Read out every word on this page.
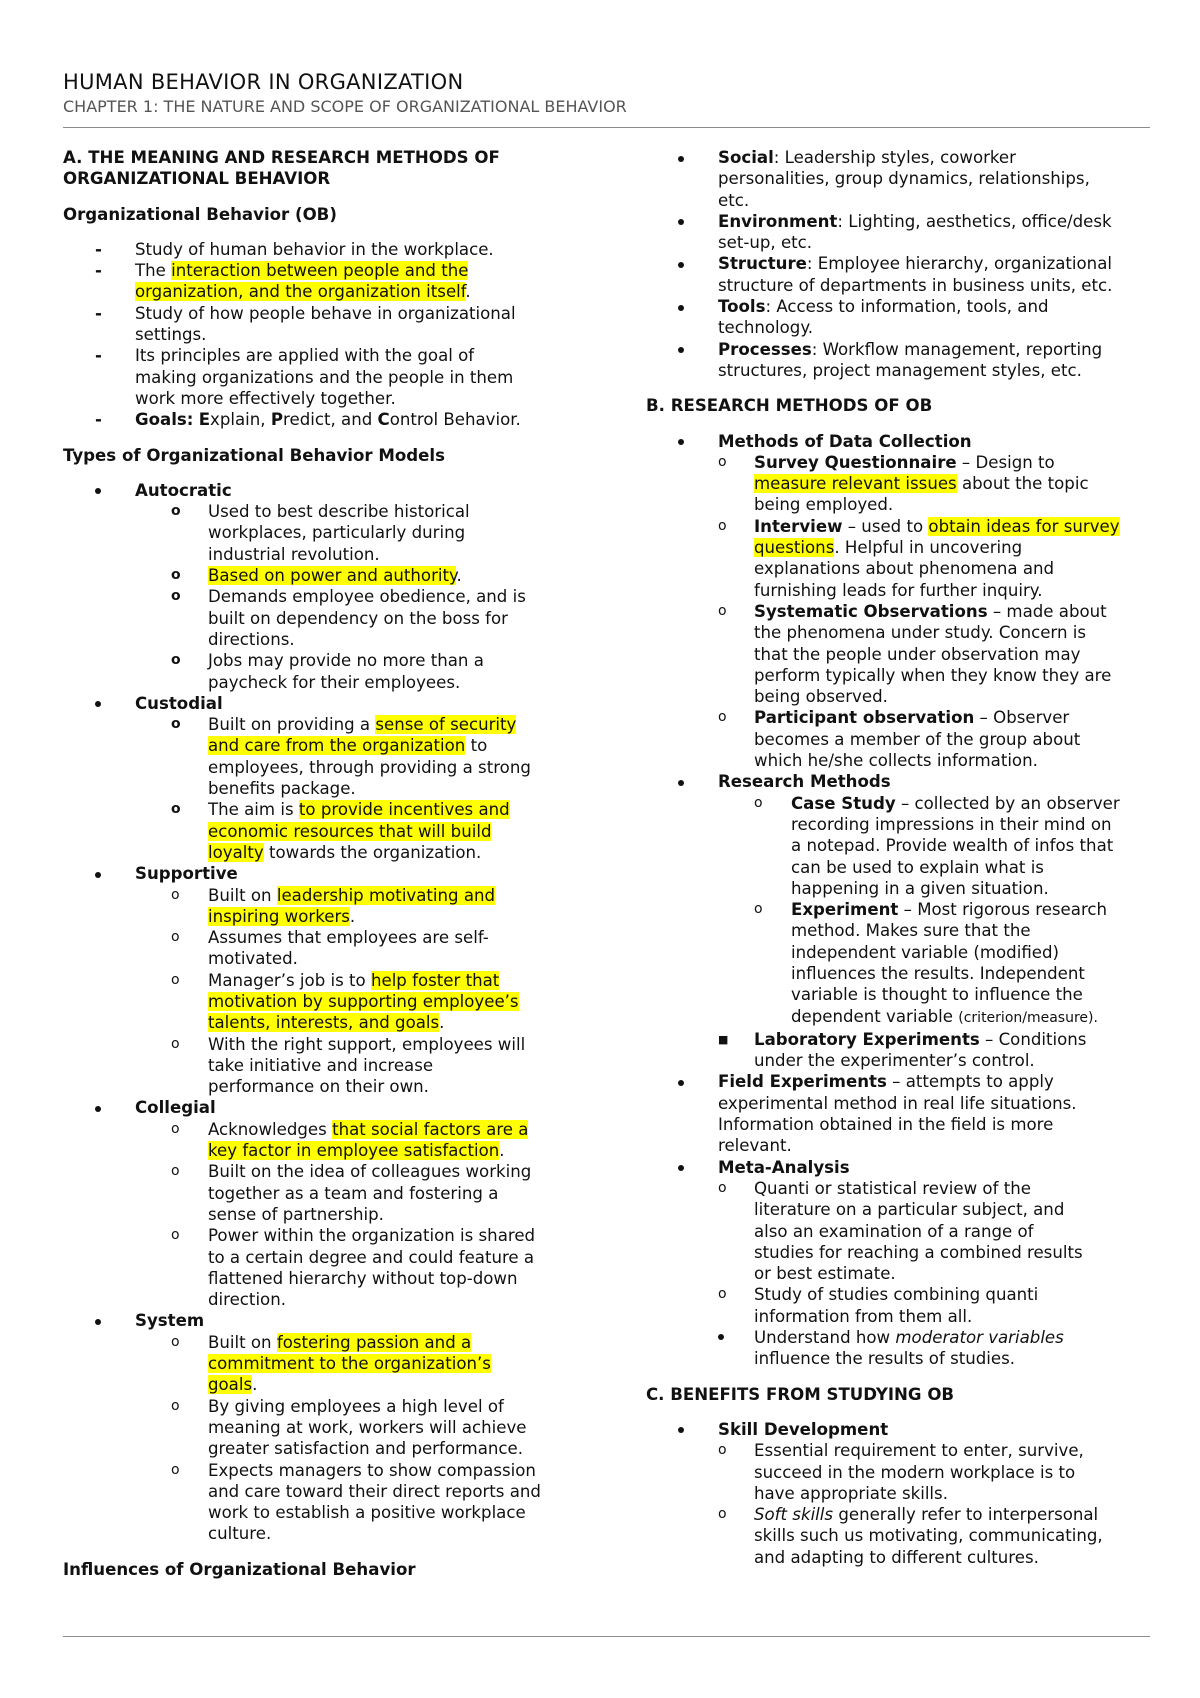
HUMAN BEHAVIOR IN ORGANIZATION
CHAPTER 1: THE NATURE AND SCOPE OF ORGANIZATIONAL BEHAVIOR
A. THE MEANING AND RESEARCH METHODS OF
ORGANIZATIONAL BEHAVIOR
Organizational Behavior (OB)
- Study of human behavior in the workplace.
- The interaction between people and the
organization, and the organization itself.
- Study of how people behave in organizational
settings.
- Its principles are applied with the goal of
making organizations and the people in them
work more effectively together.
- Goals: Explain, Predict, and Control Behavior.
Types of Organizational Behavior Models
Autocratic
o Used to best describe historical
workplaces, particularly during
industrial revolution.
o Based on power and authority.
o Demands employee obedience, and is
built on dependency on the boss for
directions.
o Jobs may provide no more than a
paycheck for their employees.
Custodial
o Built on providing a sense of security
and care from the organization to
employees, through providing a strong
benefits package.
o The aim is to provide incentives and
economic resources that will build
loyalty towards the organization.
Supportive
o Built on leadership motivating and
inspiring workers.
o Assumes that employees are self-
motivated.
o Manager’s job is to help foster that
motivation by supporting employee’s
talents, interests, and goals.
o With the right support, employees will
take initiative and increase
performance on their own.
Collegial
o Acknowledges that social factors are a
key factor in employee satisfaction.
o Built on the idea of colleagues working
together as a team and fostering a
sense of partnership.
o Power within the organization is shared
to a certain degree and could feature a
flattened hierarchy without top-down
direction.
System
o Built on fostering passion and a
commitment to the organization’s
goals.
o By giving employees a high level of
meaning at work, workers will achieve
greater satisfaction and performance.
o Expects managers to show compassion
and care toward their direct reports and
work to establish a positive workplace
culture.
Influences of Organizational Behavior
Social: Leadership styles, coworker
personalities, group dynamics, relationships,
etc.
Environment: Lighting, aesthetics, office/desk
set-up, etc.
Structure: Employee hierarchy, organizational
structure of departments in business units, etc.
Tools: Access to information, tools, and
technology.
Processes: Workflow management, reporting
structures, project management styles, etc.
B. RESEARCH METHODS OF OB
Methods of Data Collection
o Survey Questionnaire – Design to
measure relevant issues about the topic
being employed.
o Interview – used to obtain ideas for survey
questions. Helpful in uncovering
explanations about phenomena and
furnishing leads for further inquiry.
o Systematic Observations – made about
the phenomena under study. Concern is
that the people under observation may
perform typically when they know they are
being observed.
o Participant observation – Observer
becomes a member of the group about
which he/she collects information.
Research Methods
o Case Study – collected by an observer
recording impressions in their mind on
a notepad. Provide wealth of infos that
can be used to explain what is
happening in a given situation.
o Experiment – Most rigorous research
method. Makes sure that the
independent variable (modified)
influences the results. Independent
variable is thought to influence the
dependent variable (criterion/measure).
■ Laboratory Experiments – Conditions
under the experimenter’s control.
Field Experiments – attempts to apply
experimental method in real life situations.
Information obtained in the field is more
relevant.
Meta-Analysis
o Quanti or statistical review of the
literature on a particular subject, and
also an examination of a range of
studies for reaching a combined results
or best estimate.
o Study of studies combining quanti
information from them all.
Understand how moderator variables
influence the results of studies.
C. BENEFITS FROM STUDYING OB
Skill Development
o Essential requirement to enter, survive,
succeed in the modern workplace is to
have appropriate skills.
o Soft skills generally refer to interpersonal
skills such us motivating, communicating,
and adapting to different cultures.
